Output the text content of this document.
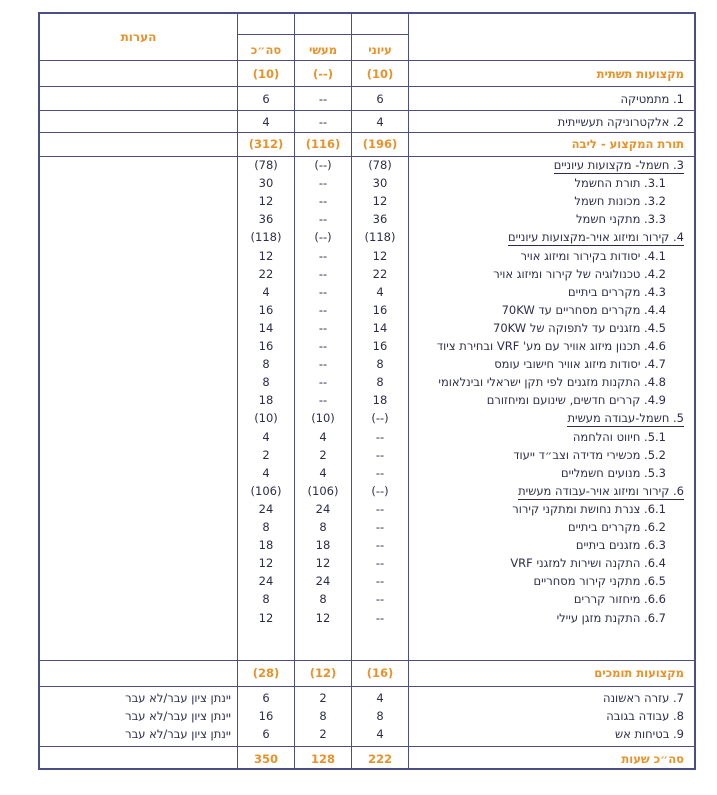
הערות
סה״כ	מעשי	עיוני
מקצועות תשתית
(10)	(--)	(10)
1. מתמטיקה
6	--	6
2. אלקטרוניקה תעשייתית
4	--	4
תורת המקצוע - ליבה
(312)	(116)	(196)
3. חשמל- מקצועות עיוניים
(78)	(--)	(78)
3.1. תורת החשמל
30	--	30
3.2. מכונות חשמל
12	--	12
3.3. מתקני חשמל
36	--	36
4. קירור ומיזוג אויר-מקצועות עיוניים
(118)	(--)	(118)
4.1. יסודות בקירור ומיזוג אויר
12	--	12
4.2. טכנולוגיה של קירור ומיזוג אויר
22	--	22
4.3. מקררים ביתיים
4	--	4
4.4. מקררים מסחריים עד 70KW
16	--	16
4.5. מזגנים עד לתפוקה של 70KW
14	--	14
4.6. תכנון מיזוג אוויר עם מע' VRF ובחירת ציוד
16	--	16
4.7. יסודות מיזוג אוויר חישובי עומס
8	--	8
4.8. התקנות מזגנים לפי תקן ישראלי ובינלאומי
8	--	8
4.9. קררים חדשים, שינועם ומיחזורם
18	--	18
5. חשמל-עבודה מעשית
(10)	(10)	(--)
5.1. חיווט והלחמה
4	4	--
5.2. מכשירי מדידה וצב״ד ייעוד
2	2	--
5.3. מנועים חשמליים
4	4	--
6. קירור ומיזוג אויר-עבודה מעשית
(106)	(106)	(--)
6.1. צנרת נחושת ומתקני קירור
24	24	--
6.2. מקררים ביתיים
8	8	--
6.3. מזגנים ביתיים
18	18	--
6.4. התקנה ושירות למזגני VRF
12	12	--
6.5. מתקני קירור מסחריים
24	24	--
6.6. מיחזור קררים
8	8	--
6.7. התקנת מזגן עיילי
12	12	--
מקצועות תומכים
(28)	(12)	(16)
7. עזרה ראשונה
יינתן ציון עבר/לא עבר	6	2	4
8. עבודה בגובה
יינתן ציון עבר/לא עבר	16	8	8
9. בטיחות אש
יינתן ציון עבר/לא עבר	6	2	4
סה״כ שעות
350	128	222
